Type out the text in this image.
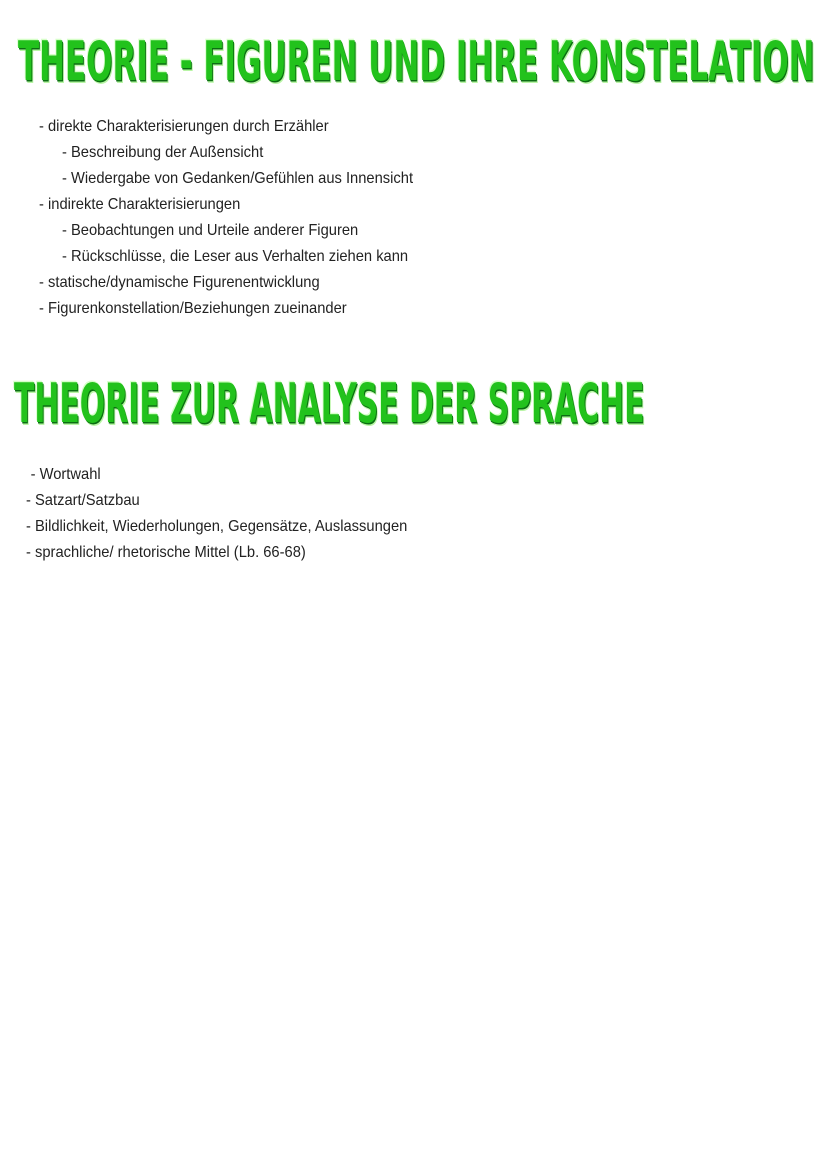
THEORIE - FIGUREN UND IHRE KONSTELATION
- direkte Charakterisierungen durch Erzähler
- Beschreibung der Außensicht
- Wiedergabe von Gedanken/Gefühlen aus Innensicht
- indirekte Charakterisierungen
- Beobachtungen und Urteile anderer Figuren
- Rückschlüsse, die Leser aus Verhalten ziehen kann
- statische/dynamische Figurenentwicklung
- Figurenkonstellation/Beziehungen zueinander
THEORIE ZUR ANALYSE DER SPRACHE
- Wortwahl
- Satzart/Satzbau
- Bildlichkeit, Wiederholungen, Gegensätze, Auslassungen
- sprachliche/ rhetorische Mittel (Lb. 66-68)
